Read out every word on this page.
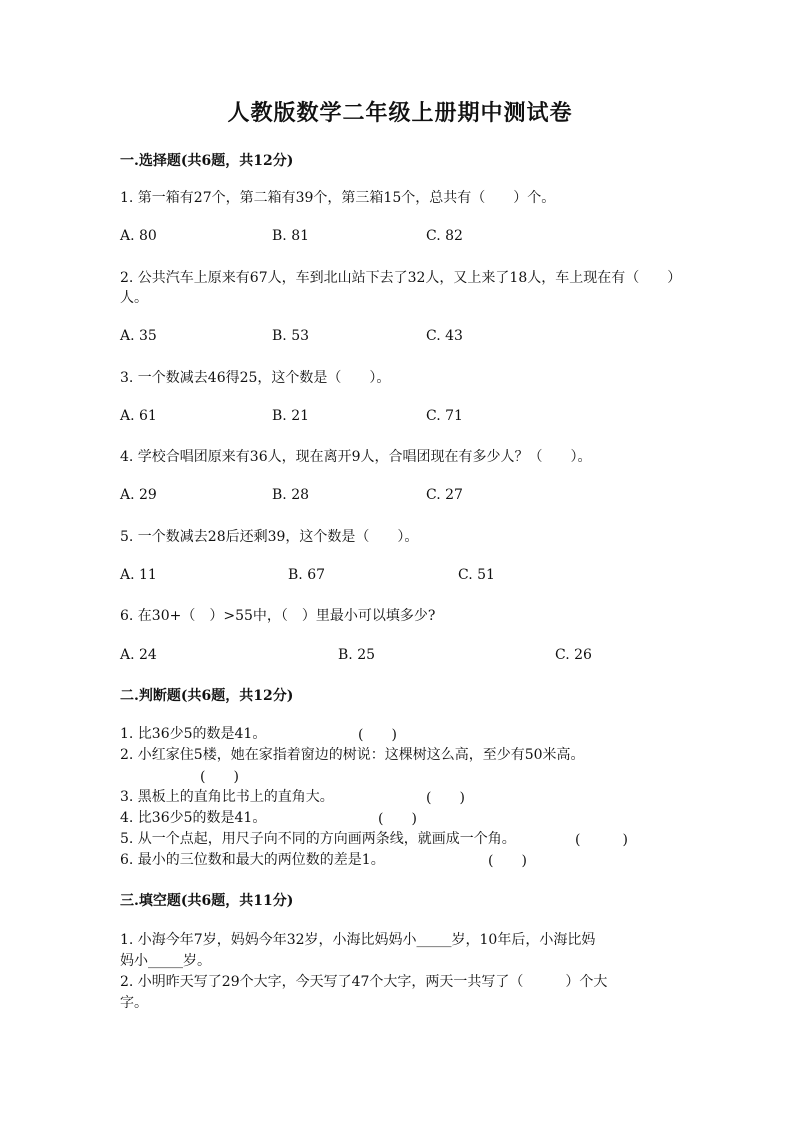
人教版数学二年级上册期中测试卷
一.选择题(共6题，共12分)
1. 第一箱有27个，第二箱有39个，第三箱15个，总共有（　　）个。
A. 80	B. 81	C. 82
2. 公共汽车上原来有67人，车到北山站下去了32人，又上来了18人，车上现在有（　　）人。
A. 35	B. 53	C. 43
3. 一个数减去46得25，这个数是（　　）。
A. 61	B. 21	C. 71
4. 学校合唱团原来有36人，现在离开9人，合唱团现在有多少人？（　　）。
A. 29	B. 28	C. 27
5. 一个数减去28后还剩39，这个数是（　　）。
A. 11	B. 67	C. 51
6. 在30+（　）>55中，（　）里最小可以填多少?
A. 24	B. 25	C. 26
二.判断题(共6题，共12分)
1. 比36少5的数是41。	(　　)
2. 小红家住5楼，她在家指着窗边的树说：这棵树这么高，至少有50米高。
(　　)
3. 黑板上的直角比书上的直角大。	(　　)
4. 比36少5的数是41。	(　　)
5. 从一个点起，用尺子向不同的方向画两条线，就画成一个角。	(　　　)
6. 最小的三位数和最大的两位数的差是1。	(　　)
三.填空题(共6题，共11分)
1. 小海今年7岁，妈妈今年32岁，小海比妈妈小_____岁，10年后，小海比妈
妈小_____岁。
2. 小明昨天写了29个大字，今天写了47个大字，两天一共写了（　　　）个大
字。
